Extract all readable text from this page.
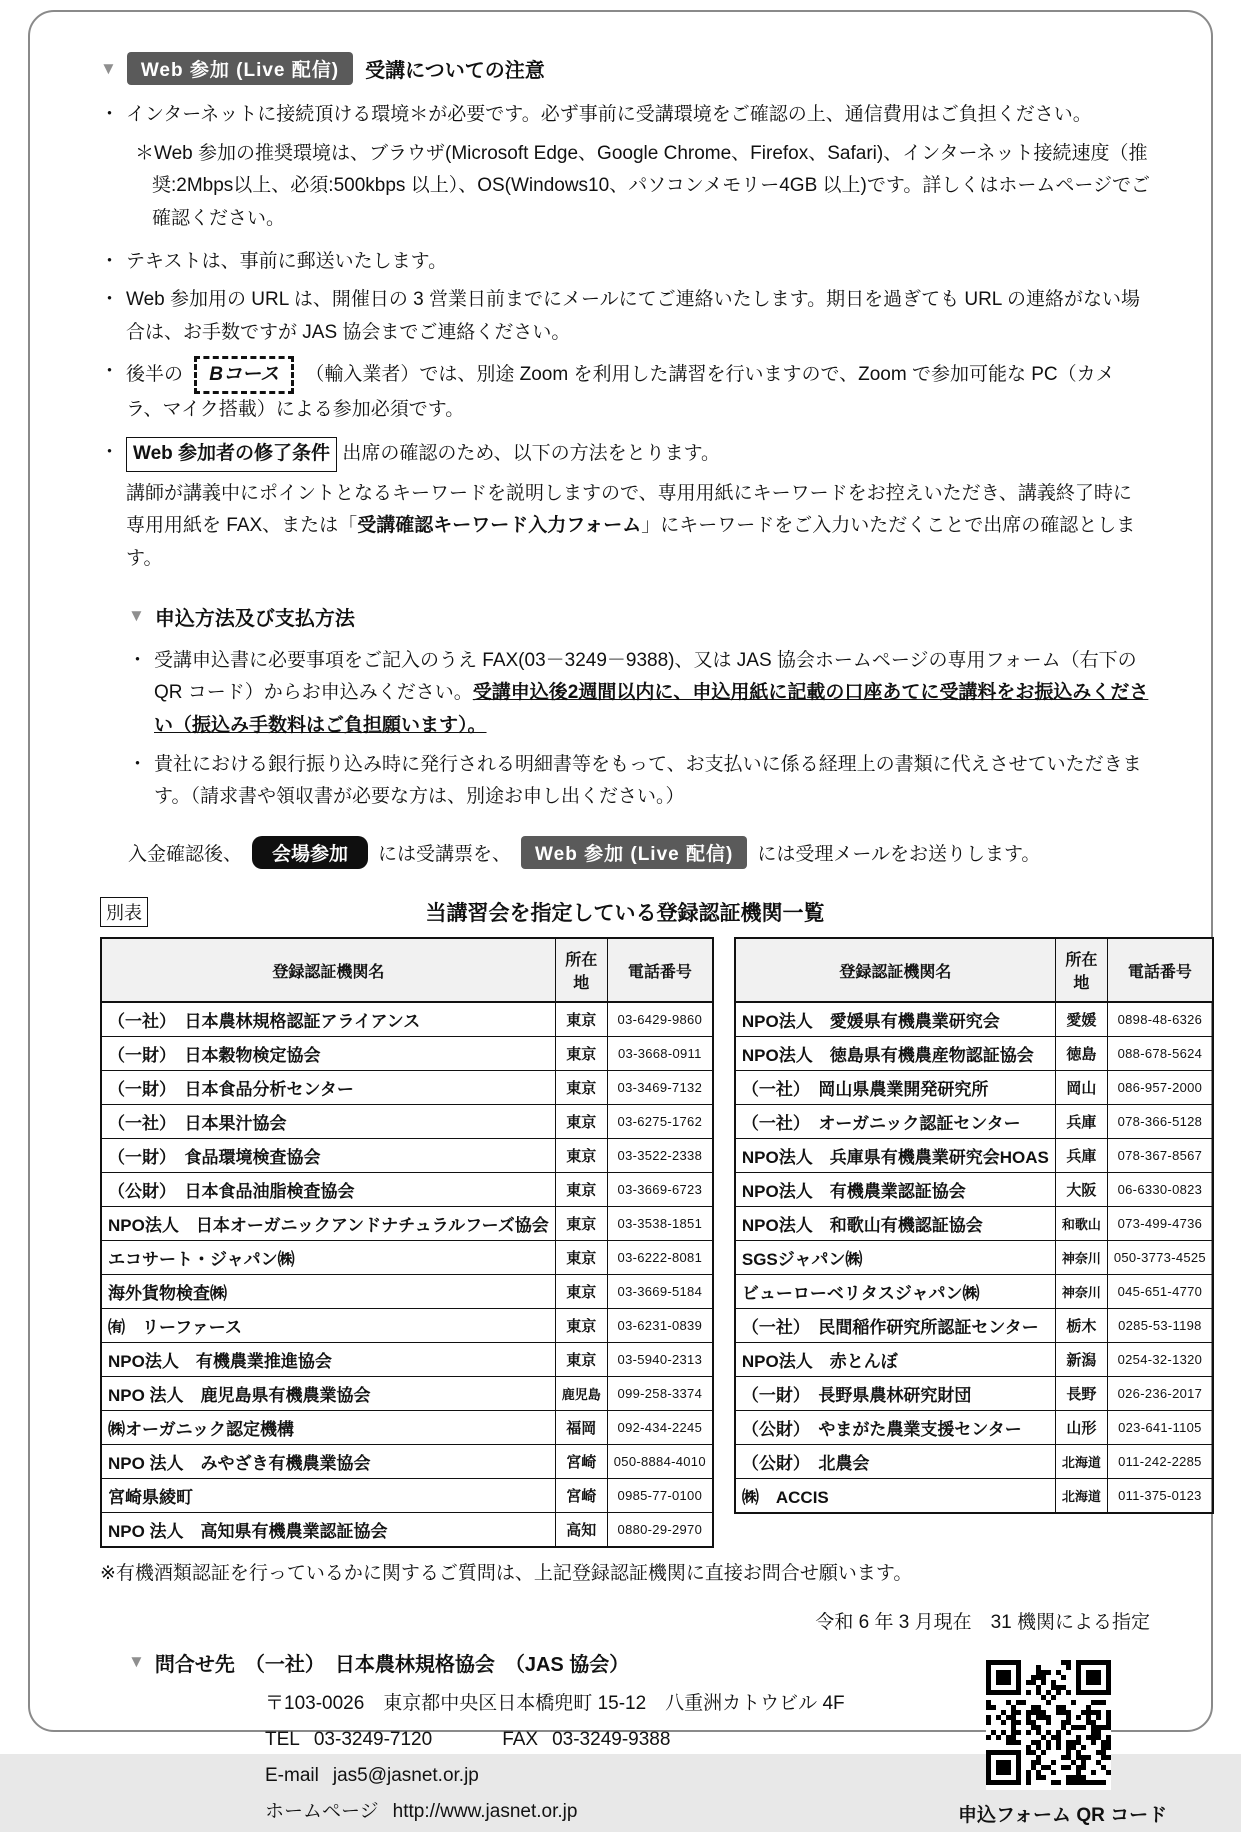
▼	Web 参加 (Live 配信)	受講についての注意
・ インターネットに接続頂ける環境＊が必要です。必ず事前に受講環境をご確認の上、通信費用はご負担ください。
＊Web 参加の推奨環境は、ブラウザ(Microsoft Edge、Google Chrome、Firefox、Safari)、インターネット接続速度（推奨:2Mbps以上、必須:500kbps 以上）、OS(Windows10、パソコンメモリー4GB 以上)です。詳しくはホームページでご確認ください。
・ テキストは、事前に郵送いたします。
・ Web 参加用の URL は、開催日の 3 営業日前までにメールにてご連絡いたします。期日を過ぎても URL の連絡がない場合は、お手数ですが JAS 協会までご連絡ください。
・ 後半の Bコース （輸入業者）では、別途 Zoom を利用した講習を行いますので、Zoom で参加可能な PC（カメラ、マイク搭載）による参加必須です。
・ Web 参加者の修了条件 出席の確認のため、以下の方法をとります。
講師が講義中にポイントとなるキーワードを説明しますので、専用用紙にキーワードをお控えいただき、講義終了時に専用用紙を FAX、または「受講確認キーワード入力フォーム」にキーワードをご入力いただくことで出席の確認とします。
▼ 申込方法及び支払方法
・ 受講申込書に必要事項をご記入のうえ FAX(03－3249－9388)、又は JAS 協会ホームページの専用フォーム（右下の QR コード）からお申込みください。受講申込後2週間以内に、申込用紙に記載の口座あてに受講料をお振込みください（振込み手数料はご負担願います）。
・ 貴社における銀行振り込み時に発行される明細書等をもって、お支払いに係る経理上の書類に代えさせていただきます。（請求書や領収書が必要な方は、別途お申し出ください。）
入金確認後、	会場参加	には受講票を、	Web 参加 (Live 配信)	には受理メールをお送りします。
別表	当講習会を指定している登録認証機関一覧
登録認証機関名	所在地	電話番号
（一社）　日本農林規格認証アライアンス	東京	03-6429-9860
（一財）　日本穀物検定協会	東京	03-3668-0911
（一財）　日本食品分析センター	東京	03-3469-7132
（一社）　日本果汁協会	東京	03-6275-1762
（一財）　食品環境検査協会	東京	03-3522-2338
（公財）　日本食品油脂検査協会	東京	03-3669-6723
NPO法人　日本オーガニックアンドナチュラルフーズ協会	東京	03-3538-1851
エコサート・ジャパン㈱	東京	03-6222-8081
海外貨物検査㈱	東京	03-3669-5184
㈲　リーファース	東京	03-6231-0839
NPO法人　有機農業推進協会	東京	03-5940-2313
NPO 法人　鹿児島県有機農業協会	鹿児島	099-258-3374
㈱オーガニック認定機構	福岡	092-434-2245
NPO 法人　みやざき有機農業協会	宮崎	050-8884-4010
宮崎県綾町	宮崎	0985-77-0100
NPO 法人　高知県有機農業認証協会	高知	0880-29-2970
登録認証機関名	所在地	電話番号
NPO法人　愛媛県有機農業研究会	愛媛	0898-48-6326
NPO法人　徳島県有機農産物認証協会	徳島	088-678-5624
（一社）　岡山県農業開発研究所	岡山	086-957-2000
（一社）　オーガニック認証センター	兵庫	078-366-5128
NPO法人　兵庫県有機農業研究会HOAS	兵庫	078-367-8567
NPO法人　有機農業認証協会	大阪	06-6330-0823
NPO法人　和歌山有機認証協会	和歌山	073-499-4736
SGSジャパン㈱	神奈川	050-3773-4525
ビューローベリタスジャパン㈱	神奈川	045-651-4770
（一社）　民間稲作研究所認証センター	栃木	0285-53-1198
NPO法人　赤とんぼ	新潟	0254-32-1320
（一財）　長野県農林研究財団	長野	026-236-2017
（公財）　やまがた農業支援センター	山形	023-641-1105
（公財）　北農会	北海道	011-242-2285
㈱　ACCIS	北海道	011-375-0123
※有機酒類認証を行っているかに関するご質問は、上記登録認証機関に直接お問合せ願います。
令和 6 年 3 月現在　31 機関による指定
▼ 問合せ先 （一社）　日本農林規格協会　（JAS 協会）
〒103-0026　東京都中央区日本橋兜町 15-12　八重洲カトウビル 4F
TEL 03-3249-7120	FAX 03-3249-9388
E-mail jas5@jasnet.or.jp
ホームページ http://www.jasnet.or.jp	申込フォーム QR コード
